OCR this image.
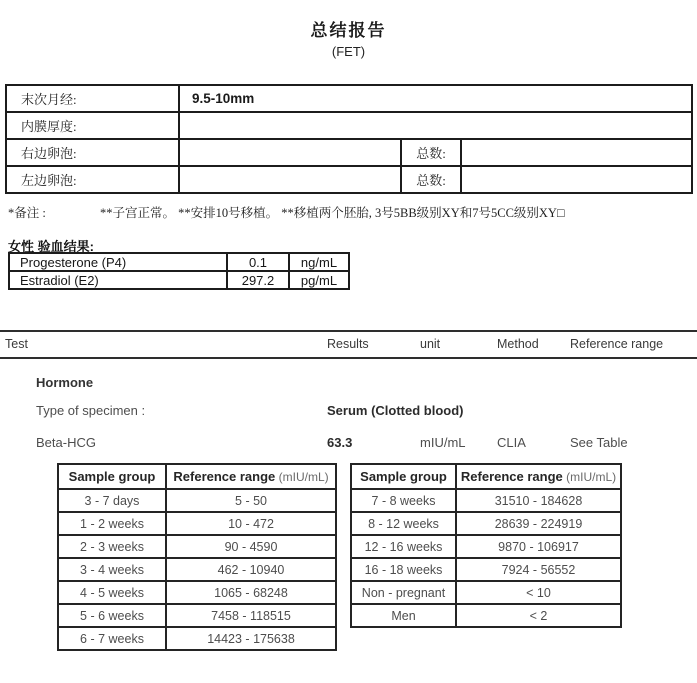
总结报告
(FET)
末次月经:	9.5-10mm		
内膜厚度:			
右边卵泡:		总数:	
左边卵泡:		总数:	
*备注 :	**子宫正常。 **安排10号移植。 **移植两个胚胎, 3号5BB级别XY和7号5CC级别XY□
女性 验血结果:
Progesterone (P4)	0.1	ng/mL
Estradiol (E2)	297.2	pg/mL
Test	Results	unit	Method	Reference range
Hormone
Type of specimen :	Serum (Clotted blood)
Beta-HCG	63.3	mIU/mL CLIA	See Table
Sample group	Reference range (mIU/mL)
3 - 7 days	5 - 50
1 - 2 weeks	10 - 472
2 - 3 weeks	90 - 4590
3 - 4 weeks	462 - 10940
4 - 5 weeks	1065 - 68248
5 - 6 weeks	7458 - 118515
6 - 7 weeks	14423 - 175638
Sample group	Reference range (mIU/mL)
7 - 8 weeks	31510 - 184628
8 - 12 weeks	28639 - 224919
12 - 16 weeks	9870 - 106917
16 - 18 weeks	7924 - 56552
Non - pregnant	< 10
Men	< 2
